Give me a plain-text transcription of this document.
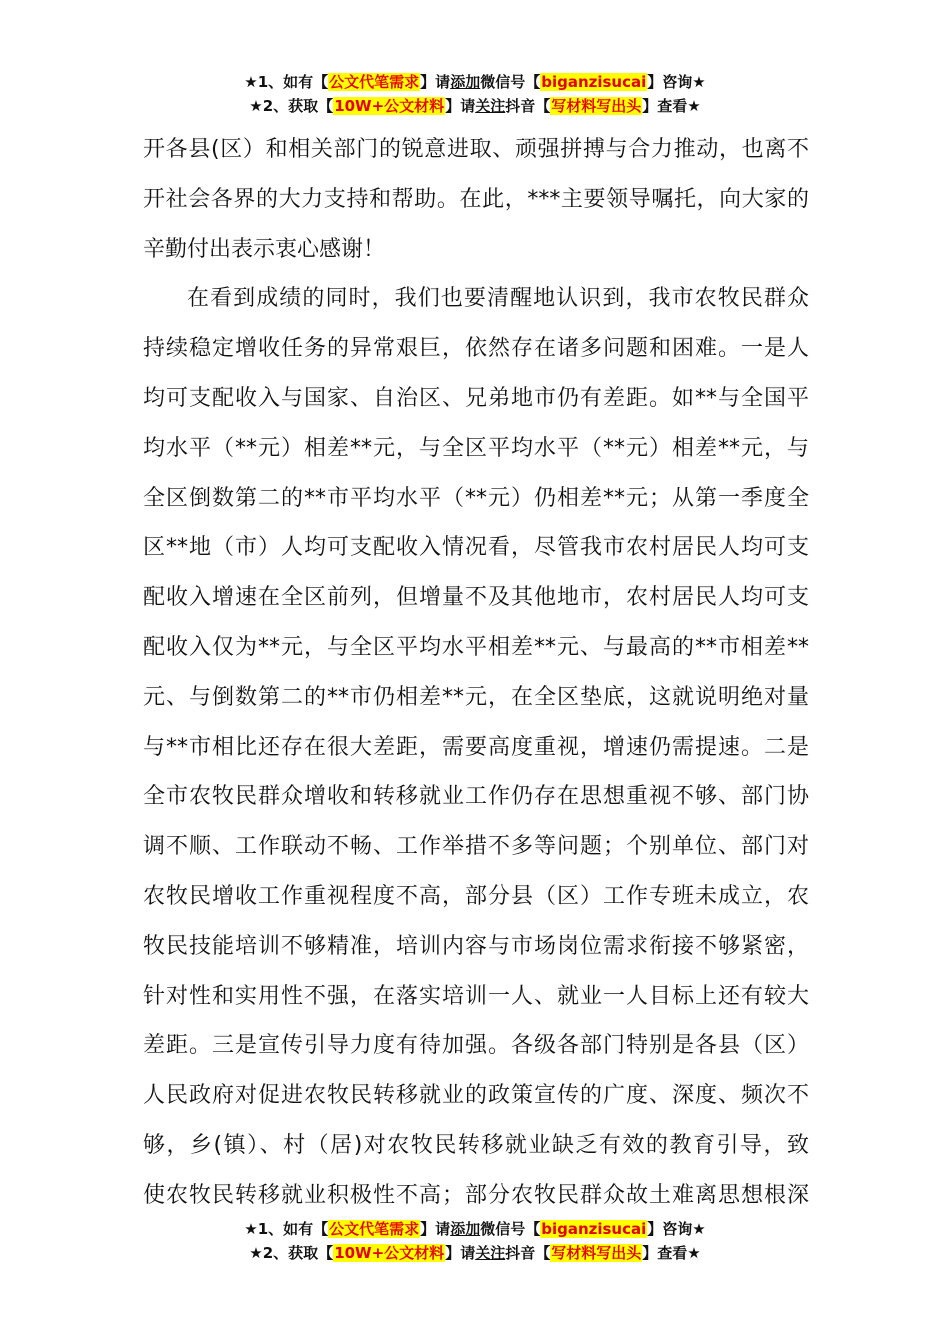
★1、如有【公文代笔需求】请添加微信号【biganzisucai】咨询★
★2、获取【10W+公文材料】请关注抖音【写材料写出头】查看★

开各县(区）和相关部门的锐意进取、顽强拼搏与合力推动，也离不

开社会各界的大力支持和帮助。在此，***主要领导嘱托，向大家的

辛勤付出表示衷心感谢！

在看到成绩的同时，我们也要清醒地认识到，我市农牧民群众

持续稳定增收任务的异常艰巨，依然存在诸多问题和困难。一是人

均可支配收入与国家、自治区、兄弟地市仍有差距。如**与全国平

均水平（**元）相差**元，与全区平均水平（**元）相差**元，与

全区倒数第二的**市平均水平（**元）仍相差**元；从第一季度全

区**地（市）人均可支配收入情况看，尽管我市农村居民人均可支

配收入增速在全区前列，但增量不及其他地市，农村居民人均可支

配收入仅为**元，与全区平均水平相差**元、与最高的**市相差**

元、与倒数第二的**市仍相差**元，在全区垫底，这就说明绝对量

与**市相比还存在很大差距，需要高度重视，增速仍需提速。二是

全市农牧民群众增收和转移就业工作仍存在思想重视不够、部门协

调不顺、工作联动不畅、工作举措不多等问题；个别单位、部门对

农牧民增收工作重视程度不高，部分县（区）工作专班未成立，农

牧民技能培训不够精准，培训内容与市场岗位需求衔接不够紧密，

针对性和实用性不强，在落实培训一人、就业一人目标上还有较大

差距。三是宣传引导力度有待加强。各级各部门特别是各县（区）

人民政府对促进农牧民转移就业的政策宣传的广度、深度、频次不

够，乡(镇）、村（居)对农牧民转移就业缺乏有效的教育引导，致

使农牧民转移就业积极性不高；部分农牧民群众故土难离思想根深

★1、如有【公文代笔需求】请添加微信号【biganzisucai】咨询★
★2、获取【10W+公文材料】请关注抖音【写材料写出头】查看★
